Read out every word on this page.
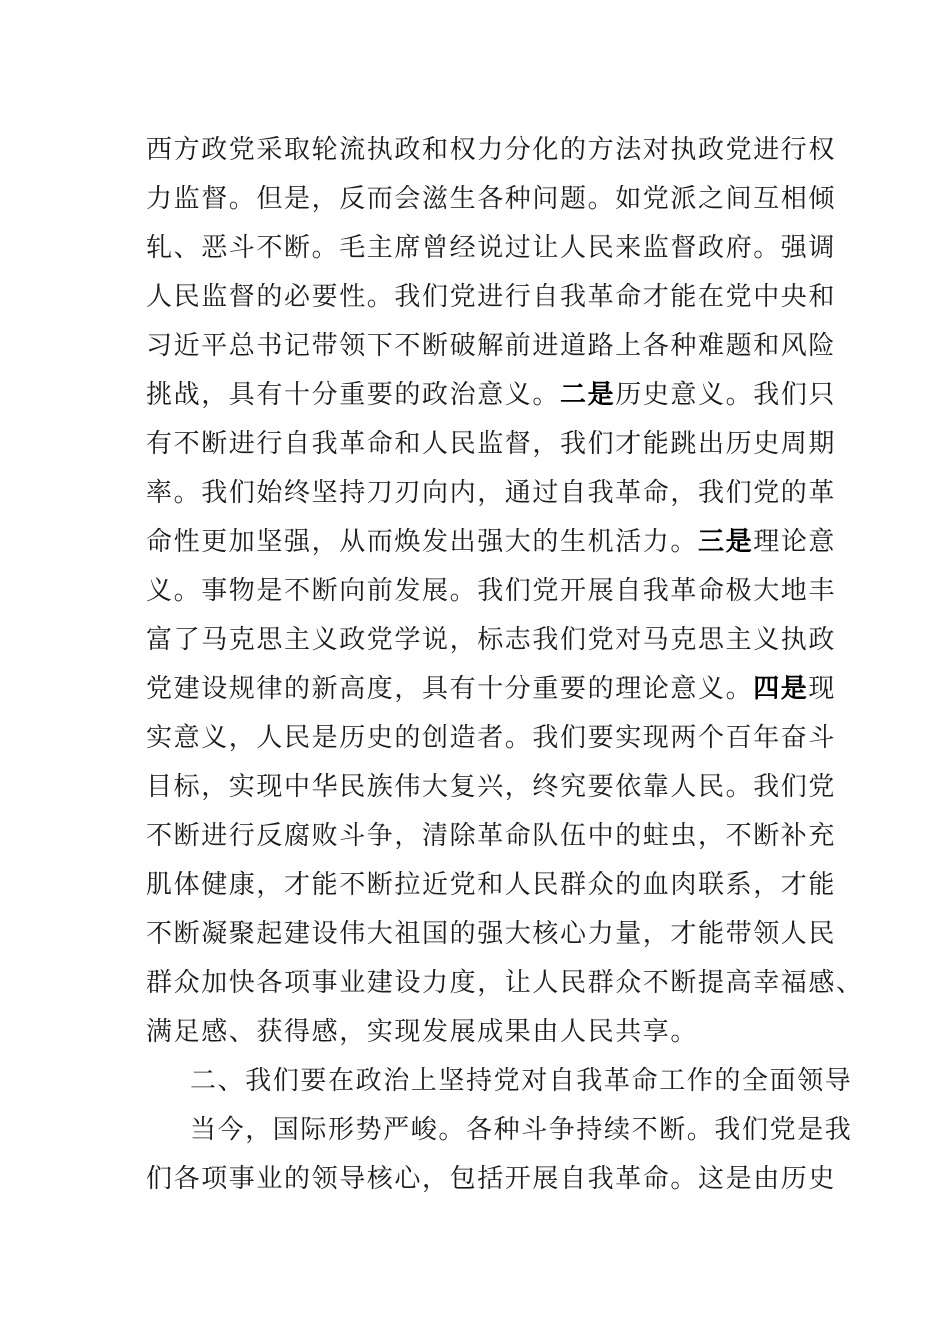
西方政党采取轮流执政和权力分化的方法对执政党进行权
力监督。但是，反而会滋生各种问题。如党派之间互相倾
轧、恶斗不断。毛主席曾经说过让人民来监督政府。强调
人民监督的必要性。我们党进行自我革命才能在党中央和
习近平总书记带领下不断破解前进道路上各种难题和风险
挑战，具有十分重要的政治意义。二是历史意义。我们只
有不断进行自我革命和人民监督，我们才能跳出历史周期
率。我们始终坚持刀刃向内，通过自我革命，我们党的革
命性更加坚强，从而焕发出强大的生机活力。三是理论意
义。事物是不断向前发展。我们党开展自我革命极大地丰
富了马克思主义政党学说，标志我们党对马克思主义执政
党建设规律的新高度，具有十分重要的理论意义。四是现
实意义，人民是历史的创造者。我们要实现两个百年奋斗
目标，实现中华民族伟大复兴，终究要依靠人民。我们党
不断进行反腐败斗争，清除革命队伍中的蛀虫，不断补充
肌体健康，才能不断拉近党和人民群众的血肉联系，才能
不断凝聚起建设伟大祖国的强大核心力量，才能带领人民
群众加快各项事业建设力度，让人民群众不断提高幸福感、
满足感、获得感，实现发展成果由人民共享。
二、我们要在政治上坚持党对自我革命工作的全面领导
当今，国际形势严峻。各种斗争持续不断。我们党是我
们各项事业的领导核心，包括开展自我革命。这是由历史
